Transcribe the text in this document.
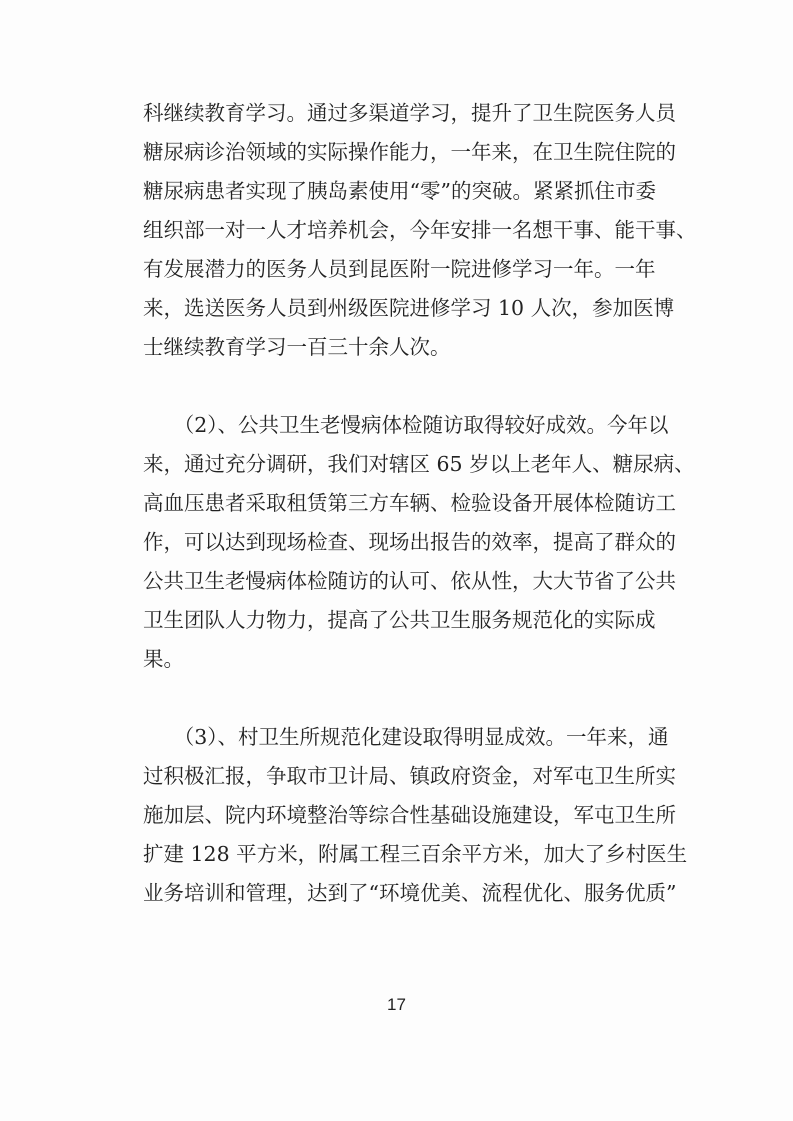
科继续教育学习。通过多渠道学习，提升了卫生院医务人员
糖尿病诊治领域的实际操作能力，一年来，在卫生院住院的
糖尿病患者实现了胰岛素使用“零”的突破。紧紧抓住市委
组织部一对一人才培养机会，今年安排一名想干事、能干事、
有发展潜力的医务人员到昆医附一院进修学习一年。一年
来，选送医务人员到州级医院进修学习 10 人次，参加医博
士继续教育学习一百三十余人次。
　　（2）、公共卫生老慢病体检随访取得较好成效。今年以
来，通过充分调研，我们对辖区 65 岁以上老年人、糖尿病、
高血压患者采取租赁第三方车辆、检验设备开展体检随访工
作，可以达到现场检查、现场出报告的效率，提高了群众的
公共卫生老慢病体检随访的认可、依从性，大大节省了公共
卫生团队人力物力，提高了公共卫生服务规范化的实际成
果。
　　（3）、村卫生所规范化建设取得明显成效。一年来，通
过积极汇报，争取市卫计局、镇政府资金，对军屯卫生所实
施加层、院内环境整治等综合性基础设施建设，军屯卫生所
扩建 128 平方米，附属工程三百余平方米，加大了乡村医生
业务培训和管理，达到了“环境优美、流程优化、服务优质”
17
